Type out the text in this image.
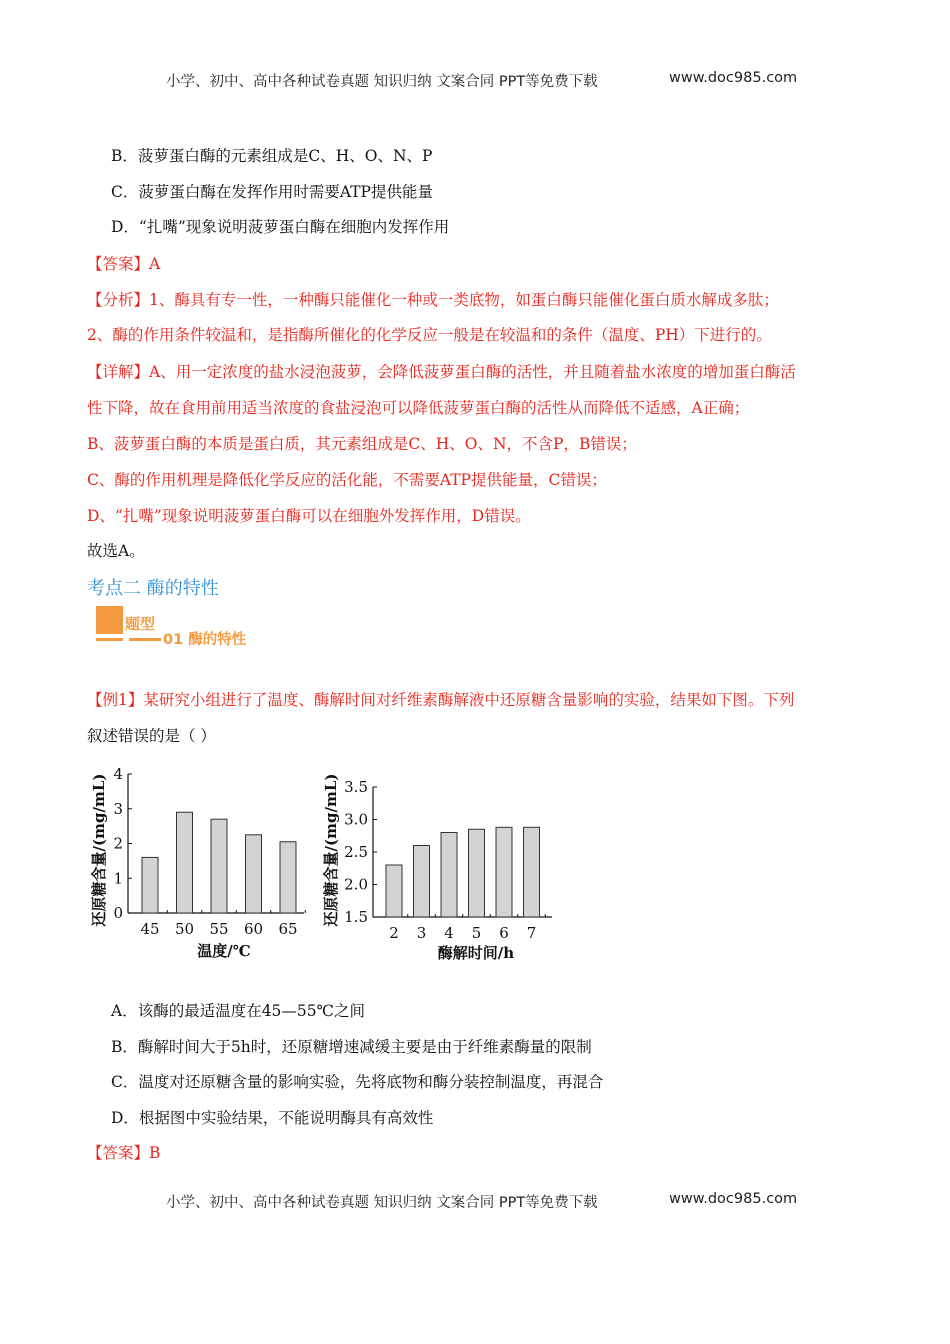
小学、初中、高中各种试卷真题 知识归纳 文案合同 PPT等免费下载	www.doc985.com
B．菠萝蛋白酶的元素组成是C、H、O、N、P
C．菠萝蛋白酶在发挥作用时需要ATP提供能量
D．“扎嘴”现象说明菠萝蛋白酶在细胞内发挥作用
【答案】A
【分析】1、酶具有专一性，一种酶只能催化一种或一类底物，如蛋白酶只能催化蛋白质水解成多肽；
2、酶的作用条件较温和，是指酶所催化的化学反应一般是在较温和的条件（温度、PH）下进行的。
【详解】A、用一定浓度的盐水浸泡菠萝，会降低菠萝蛋白酶的活性，并且随着盐水浓度的增加蛋白酶活
性下降，故在食用前用适当浓度的食盐浸泡可以降低菠萝蛋白酶的活性从而降低不适感，A正确；
B、菠萝蛋白酶的本质是蛋白质，其元素组成是C、H、O、N，不含P，B错误；
C、酶的作用机理是降低化学反应的活化能，不需要ATP提供能量，C错误；
D、“扎嘴”现象说明菠萝蛋白酶可以在细胞外发挥作用，D错误。
故选A。
考点二 酶的特性
题型
01 酶的特性
【例1】某研究小组进行了温度、酶解时间对纤维素酶解液中还原糖含量影响的实验，结果如下图。下列
叙述错误的是（ ）
还原糖含量/(mg/mL) 0
1
2
3
4
45 50 55 60 65
温度/℃
还原糖含量/(mg/mL) 1.5
2.0
2.5
3.0
3.5
2 3 4 5 6 7
酶解时间/h
A．该酶的最适温度在45—55℃之间
B．酶解时间大于5h时，还原糖增速减缓主要是由于纤维素酶量的限制
C．温度对还原糖含量的影响实验，先将底物和酶分装控制温度，再混合
D．根据图中实验结果，不能说明酶具有高效性
【答案】B
小学、初中、高中各种试卷真题 知识归纳 文案合同 PPT等免费下载	www.doc985.com
